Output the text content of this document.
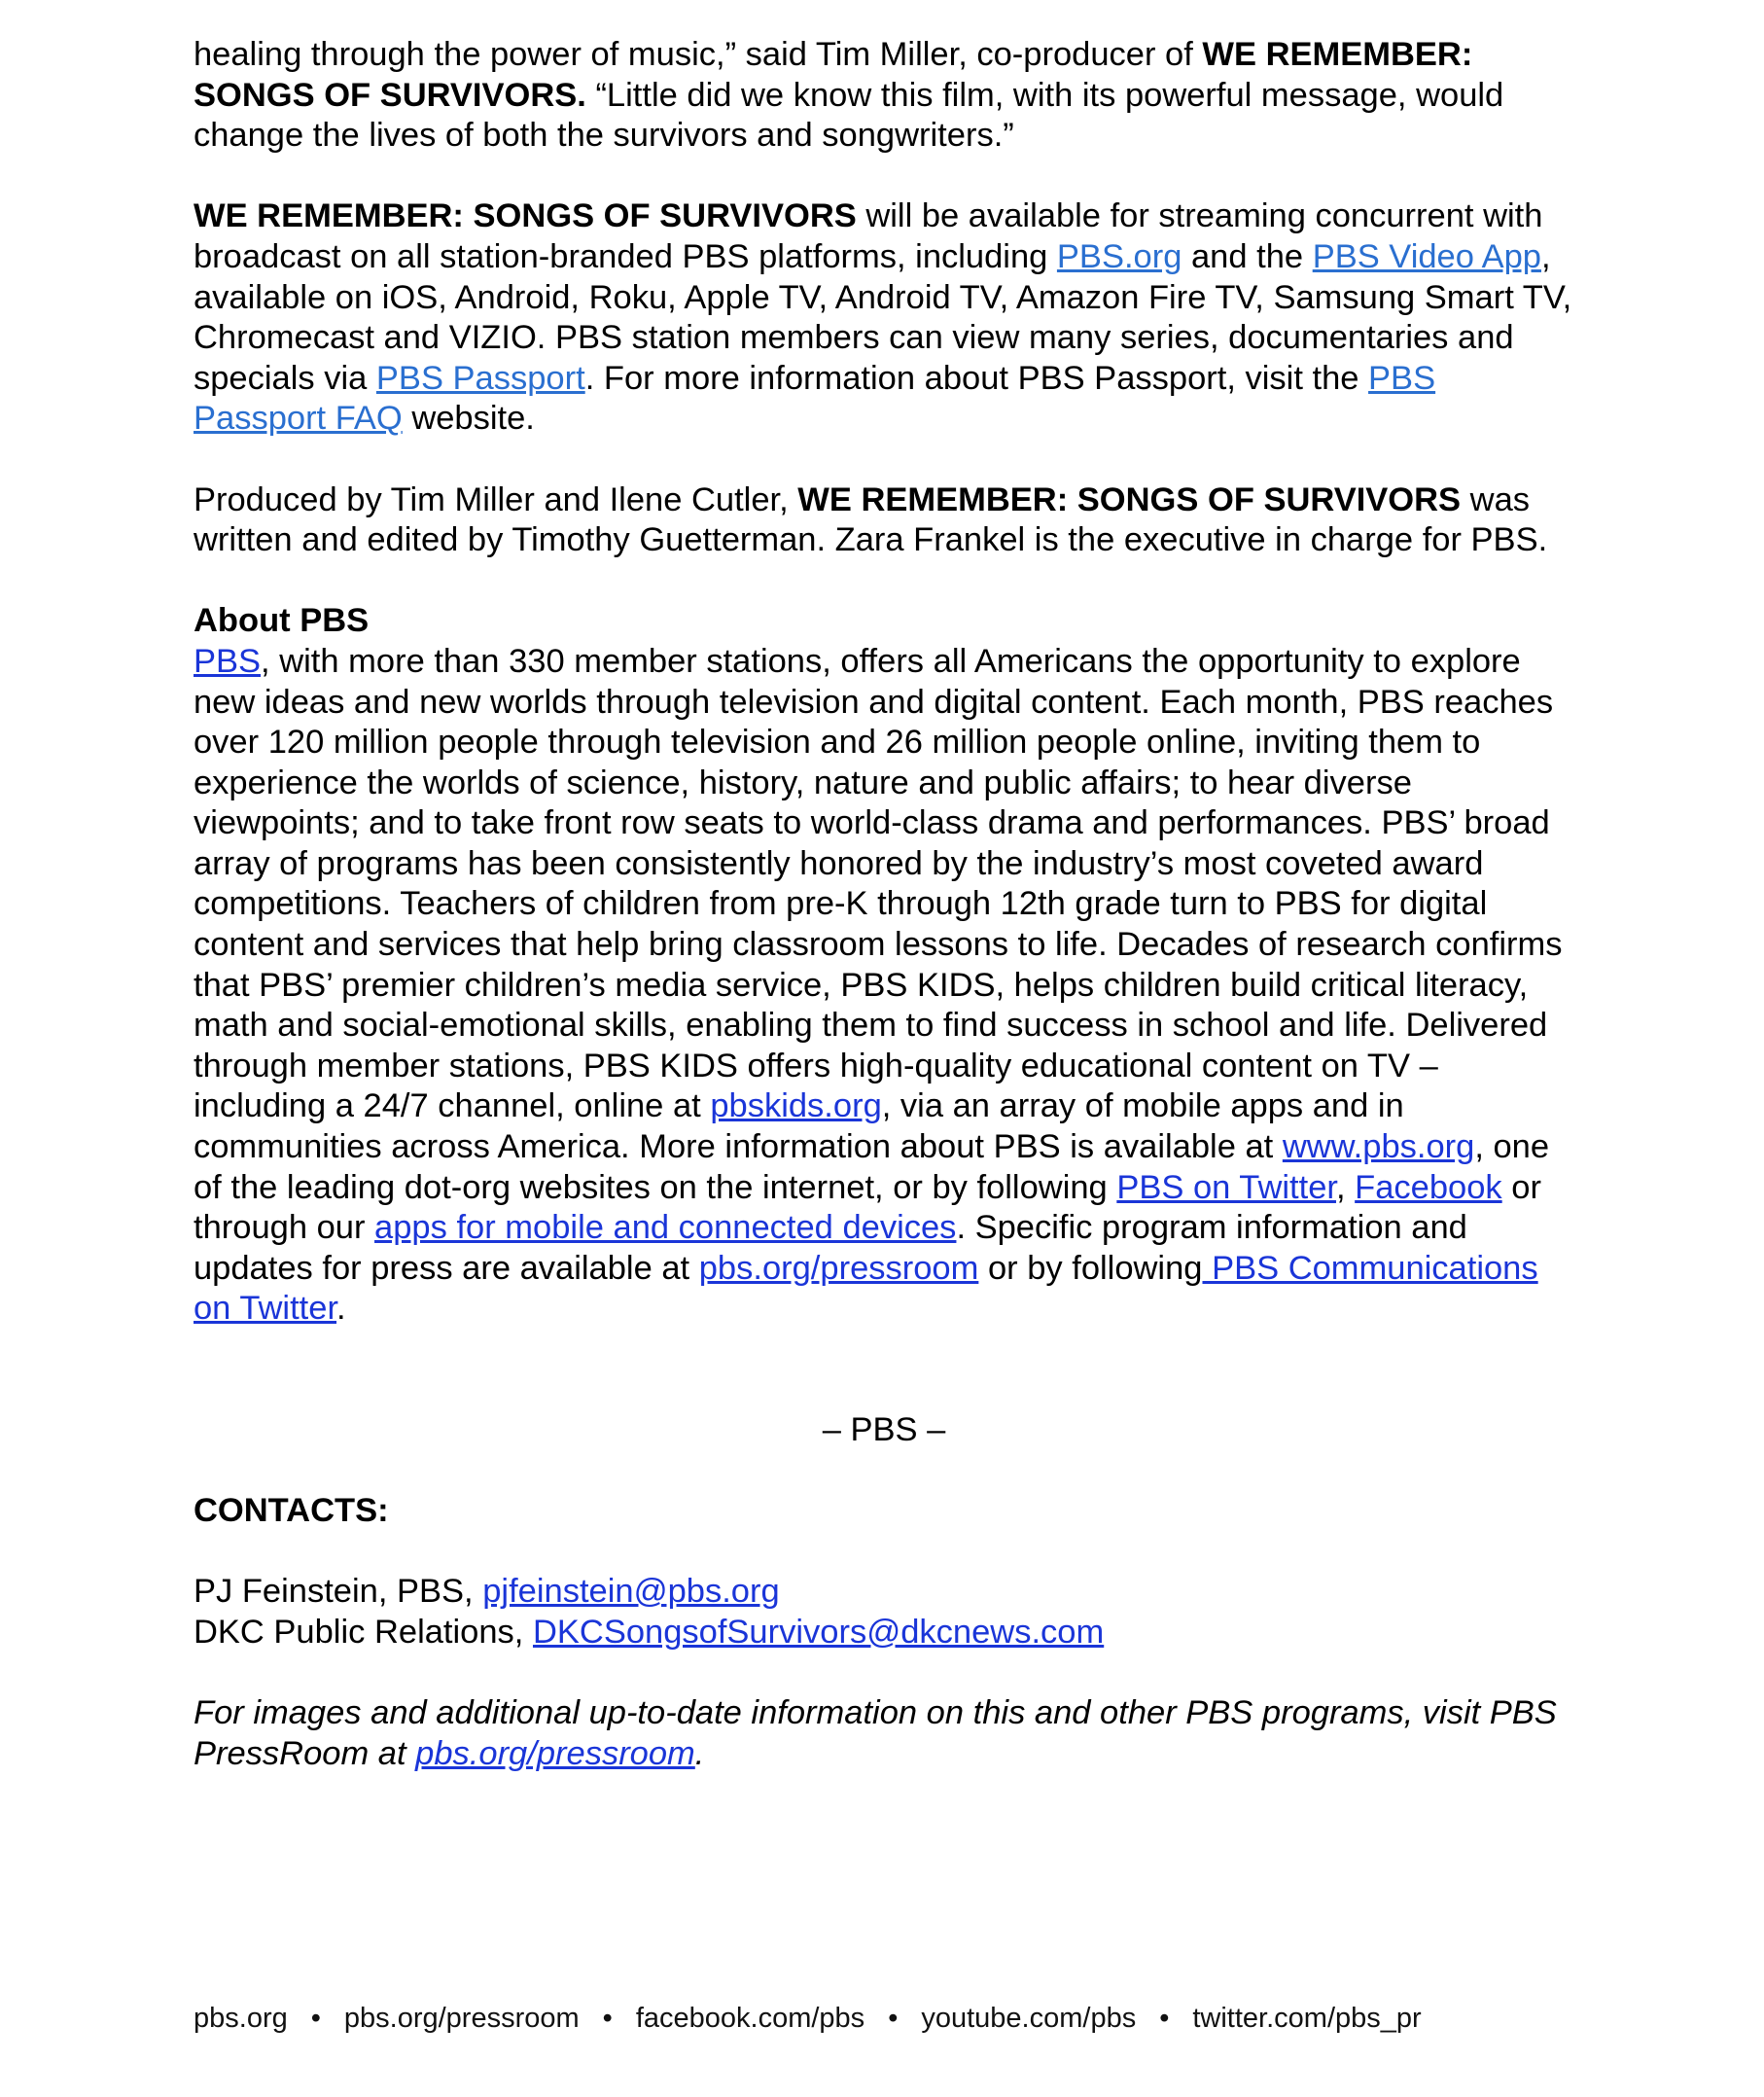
healing through the power of music,” said Tim Miller, co-producer of WE REMEMBER: SONGS OF SURVIVORS. “Little did we know this film, with its powerful message, would change the lives of both the survivors and songwriters.”

WE REMEMBER: SONGS OF SURVIVORS will be available for streaming concurrent with broadcast on all station-branded PBS platforms, including PBS.org and the PBS Video App, available on iOS, Android, Roku, Apple TV, Android TV, Amazon Fire TV, Samsung Smart TV, Chromecast and VIZIO. PBS station members can view many series, documentaries and specials via PBS Passport. For more information about PBS Passport, visit the PBS Passport FAQ website.

Produced by Tim Miller and Ilene Cutler, WE REMEMBER: SONGS OF SURVIVORS was written and edited by Timothy Guetterman. Zara Frankel is the executive in charge for PBS.

About PBS

PBS, with more than 330 member stations, offers all Americans the opportunity to explore new ideas and new worlds through television and digital content. Each month, PBS reaches over 120 million people through television and 26 million people online, inviting them to experience the worlds of science, history, nature and public affairs; to hear diverse viewpoints; and to take front row seats to world-class drama and performances. PBS’ broad array of programs has been consistently honored by the industry’s most coveted award competitions. Teachers of children from pre-K through 12th grade turn to PBS for digital content and services that help bring classroom lessons to life. Decades of research confirms that PBS’ premier children’s media service, PBS KIDS, helps children build critical literacy, math and social-emotional skills, enabling them to find success in school and life. Delivered through member stations, PBS KIDS offers high-quality educational content on TV – including a 24/7 channel, online at pbskids.org, via an array of mobile apps and in communities across America. More information about PBS is available at www.pbs.org, one of the leading dot-org websites on the internet, or by following PBS on Twitter, Facebook or through our apps for mobile and connected devices. Specific program information and updates for press are available at pbs.org/pressroom or by following PBS Communications on Twitter.

– PBS –

CONTACTS:

PJ Feinstein, PBS, pjfeinstein@pbs.org
DKC Public Relations, DKCSongsofSurvivors@dkcnews.com

For images and additional up-to-date information on this and other PBS programs, visit PBS PressRoom at pbs.org/pressroom.

pbs.org • pbs.org/pressroom • facebook.com/pbs • youtube.com/pbs • twitter.com/pbs_pr
